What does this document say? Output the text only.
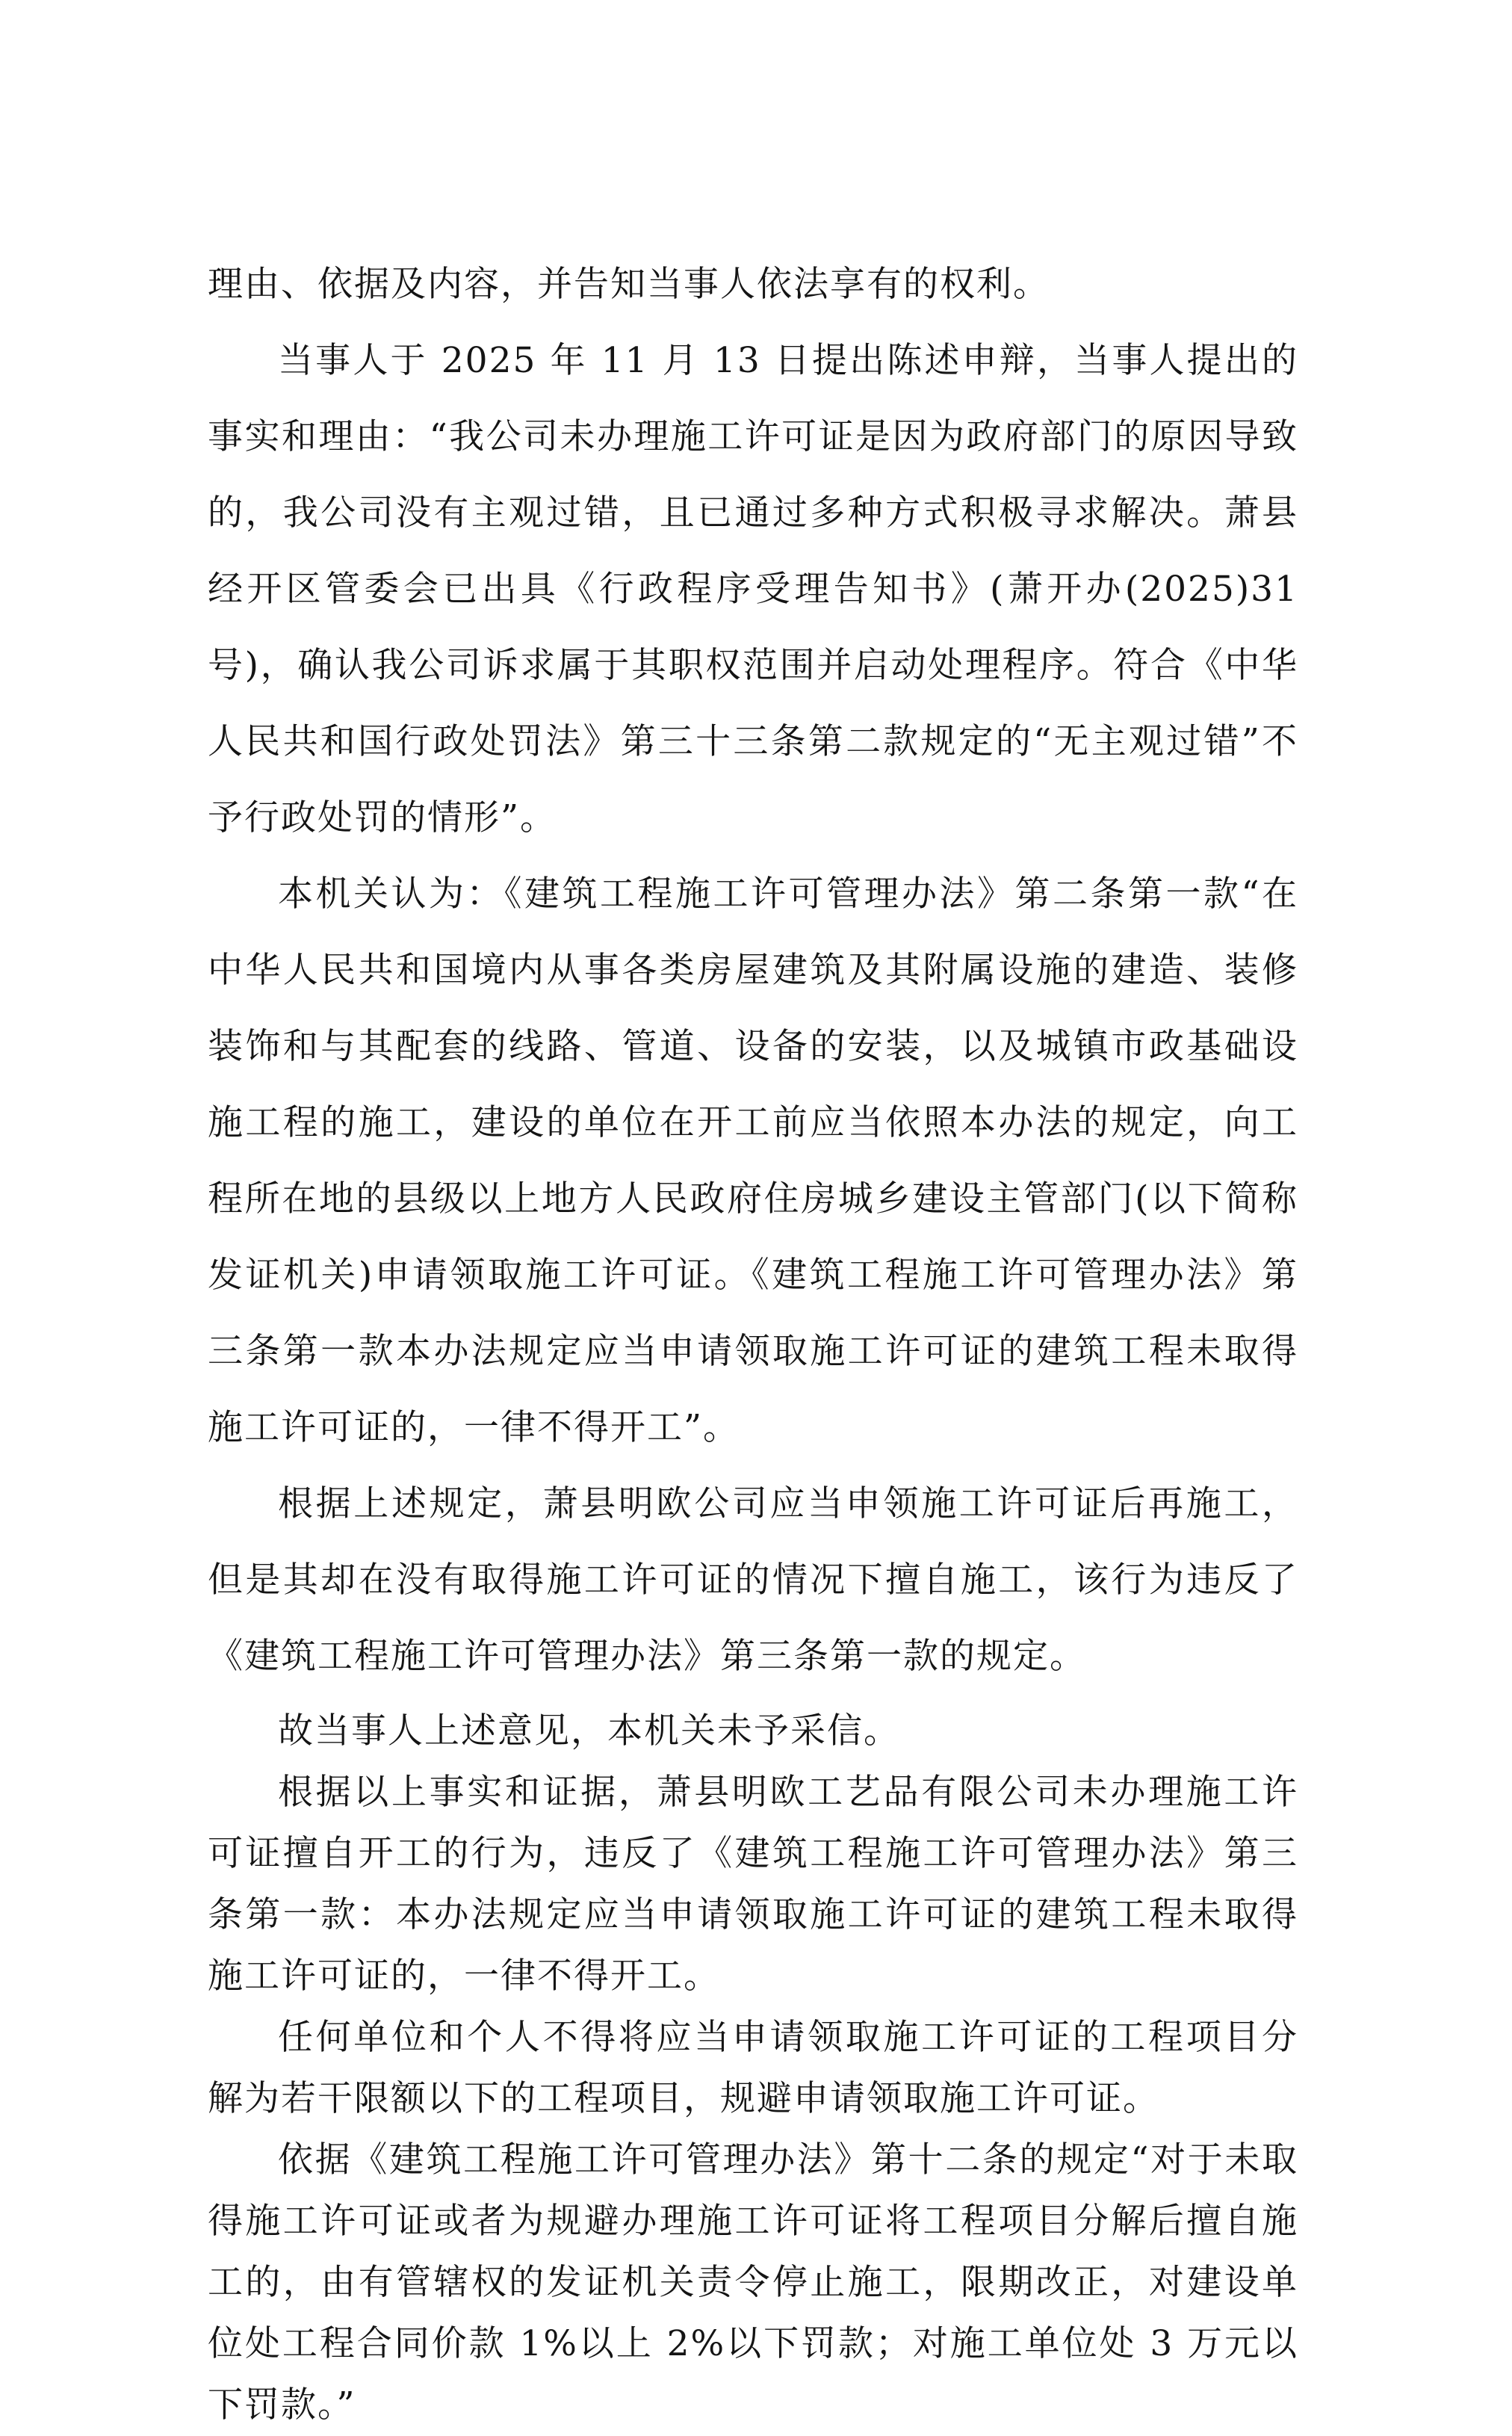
理由、依据及内容，并告知当事人依法享有的权利。

当事人于 2025 年 11 月 13 日提出陈述申辩，当事人提出的事实和理由：“我公司未办理施工许可证是因为政府部门的原因导致的，我公司没有主观过错，且已通过多种方式积极寻求解决。萧县经开区管委会已出具《行政程序受理告知书》(萧开办(2025)31 号)，确认我公司诉求属于其职权范围并启动处理程序。符合《中华人民共和国行政处罚法》第三十三条第二款规定的“无主观过错”不予行政处罚的情形”。

本机关认为：《建筑工程施工许可管理办法》第二条第一款“在中华人民共和国境内从事各类房屋建筑及其附属设施的建造、装修装饰和与其配套的线路、管道、设备的安装，以及城镇市政基础设施工程的施工，建设的单位在开工前应当依照本办法的规定，向工程所在地的县级以上地方人民政府住房城乡建设主管部门(以下简称发证机关)申请领取施工许可证。《建筑工程施工许可管理办法》第三条第一款本办法规定应当申请领取施工许可证的建筑工程未取得施工许可证的，一律不得开工”。

根据上述规定，萧县明欧公司应当申领施工许可证后再施工，但是其却在没有取得施工许可证的情况下擅自施工，该行为违反了《建筑工程施工许可管理办法》第三条第一款的规定。

故当事人上述意见，本机关未予采信。

根据以上事实和证据，萧县明欧工艺品有限公司未办理施工许可证擅自开工的行为，违反了《建筑工程施工许可管理办法》第三条第一款：本办法规定应当申请领取施工许可证的建筑工程未取得施工许可证的，一律不得开工。

任何单位和个人不得将应当申请领取施工许可证的工程项目分解为若干限额以下的工程项目，规避申请领取施工许可证。

依据《建筑工程施工许可管理办法》第十二条的规定“对于未取得施工许可证或者为规避办理施工许可证将工程项目分解后擅自施工的，由有管辖权的发证机关责令停止施工，限期改正，对建设单位处工程合同价款 1%以上 2%以下罚款；对施工单位处 3 万元以下罚款。”
